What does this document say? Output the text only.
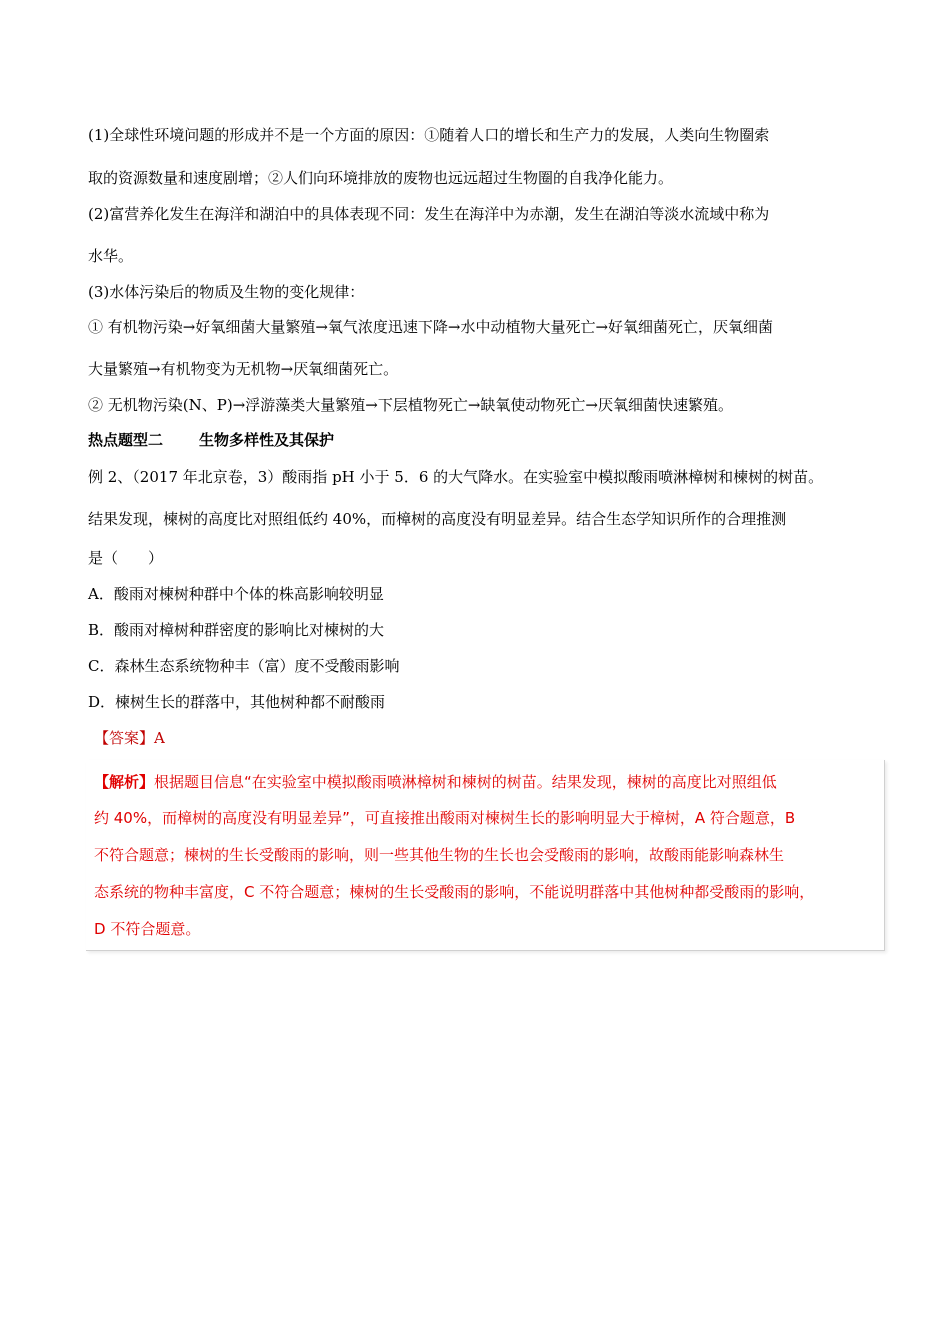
(1)全球性环境问题的形成并不是一个方面的原因：①随着人口的增长和生产力的发展，人类向生物圈索
取的资源数量和速度剧增；②人们向环境排放的废物也远远超过生物圈的自我净化能力。
(2)富营养化发生在海洋和湖泊中的具体表现不同：发生在海洋中为赤潮，发生在湖泊等淡水流域中称为
水华。
(3)水体污染后的物质及生物的变化规律：
① 有机物污染→好氧细菌大量繁殖→氧气浓度迅速下降→水中动植物大量死亡→好氧细菌死亡，厌氧细菌
大量繁殖→有机物变为无机物→厌氧细菌死亡。
② 无机物污染(N、P)→浮游藻类大量繁殖→下层植物死亡→缺氧使动物死亡→厌氧细菌快速繁殖。
热点题型二 生物多样性及其保护
例 2、（2017 年北京卷，3）酸雨指 pH 小于 5．6 的大气降水。在实验室中模拟酸雨喷淋樟树和楝树的树苗。
结果发现，楝树的高度比对照组低约 40%，而樟树的高度没有明显差异。结合生态学知识所作的合理推测
是（　　）
A．酸雨对楝树种群中个体的株高影响较明显
B．酸雨对樟树种群密度的影响比对楝树的大
C．森林生态系统物种丰（富）度不受酸雨影响
D．楝树生长的群落中，其他树种都不耐酸雨
【答案】A
【解析】根据题目信息“在实验室中模拟酸雨喷淋樟树和楝树的树苗。结果发现，楝树的高度比对照组低
约 40%，而樟树的高度没有明显差异”，可直接推出酸雨对楝树生长的影响明显大于樟树，A 符合题意，B
不符合题意；楝树的生长受酸雨的影响，则一些其他生物的生长也会受酸雨的影响，故酸雨能影响森林生
态系统的物种丰富度，C 不符合题意；楝树的生长受酸雨的影响，不能说明群落中其他树种都受酸雨的影响，
D 不符合题意。
